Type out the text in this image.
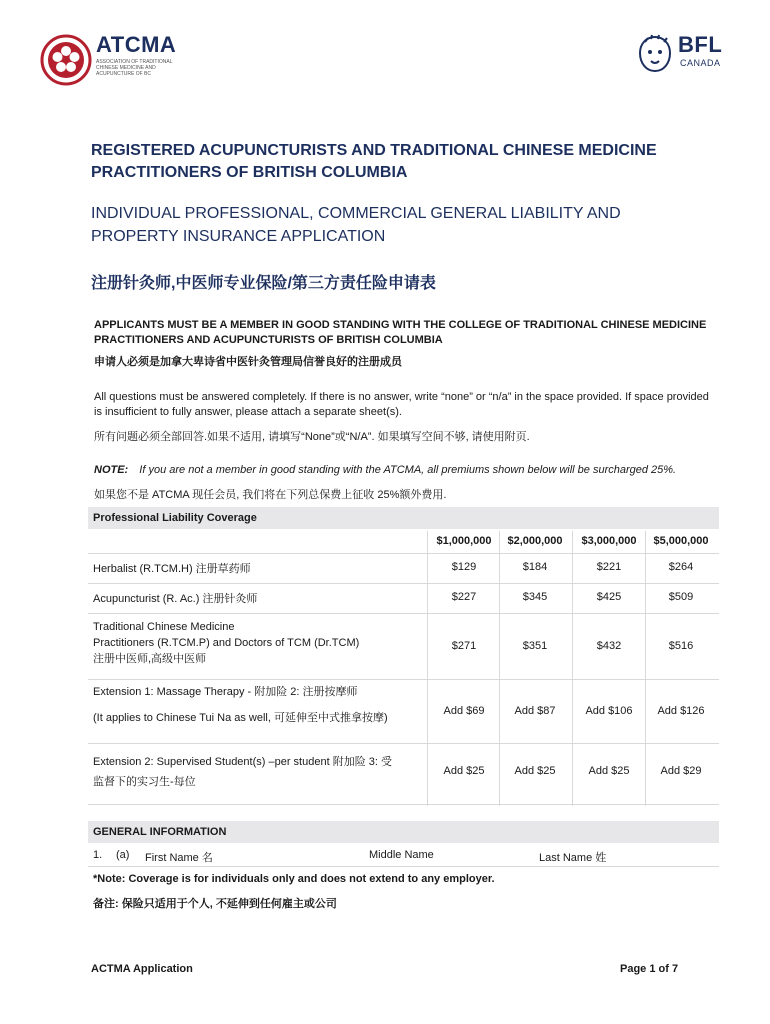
ATCMA
ASSOCIATION OF TRADITIONAL CHINESE MEDICINE AND ACUPUNCTURE OF BC
BFL
CANADA
REGISTERED ACUPUNCTURISTS AND TRADITIONAL CHINESE MEDICINE PRACTITIONERS OF BRITISH COLUMBIA
INDIVIDUAL PROFESSIONAL, COMMERCIAL GENERAL LIABILITY AND PROPERTY INSURANCE APPLICATION
注册针灸师,中医师专业保险/第三方责任险申请表
APPLICANTS MUST BE A MEMBER IN GOOD STANDING WITH THE COLLEGE OF TRADITIONAL CHINESE MEDICINE PRACTITIONERS AND ACUPUNCTURISTS OF BRITISH COLUMBIA
申请人必须是加拿大卑诗省中医针灸管理局信誉良好的注册成员
All questions must be answered completely. If there is no answer, write “none” or “n/a” in the space provided. If space provided is insufficient to fully answer, please attach a separate sheet(s).
所有问题必须全部回答.如果不适用, 请填写“None”或“N/A”. 如果填写空间不够, 请使用附页.
NOTE: If you are not a member in good standing with the ATCMA, all premiums shown below will be surcharged 25%.
如果您不是 ATCMA 现任会员, 我们将在下列总保费上征收 25%额外费用.
Professional Liability Coverage
$1,000,000	$2,000,000	$3,000,000	$5,000,000
Herbalist (R.TCM.H) 注册草药师	$129	$184	$221	$264
Acupuncturist (R. Ac.) 注册针灸师	$227	$345	$425	$509
Traditional Chinese Medicine
Practitioners (R.TCM.P) and Doctors of TCM (Dr.TCM)
注册中医师,高级中医师
$271	$351	$432	$516
Extension 1: Massage Therapy - 附加险 2: 注册按摩师

(It applies to Chinese Tui Na as well, 可延伸至中式推拿按摩)
Add $69	Add $87	Add $106	Add $126
Extension 2: Supervised Student(s) –per student 附加险 3: 受
监督下的实习生-每位
Add $25	Add $25	Add $25	Add $29
GENERAL INFORMATION
1. (a) First Name 名	Middle Name	Last Name 姓
*Note: Coverage is for individuals only and does not extend to any employer.
备注: 保险只适用于个人, 不延伸到任何雇主或公司
ACTMA Application	Page 1 of 7
